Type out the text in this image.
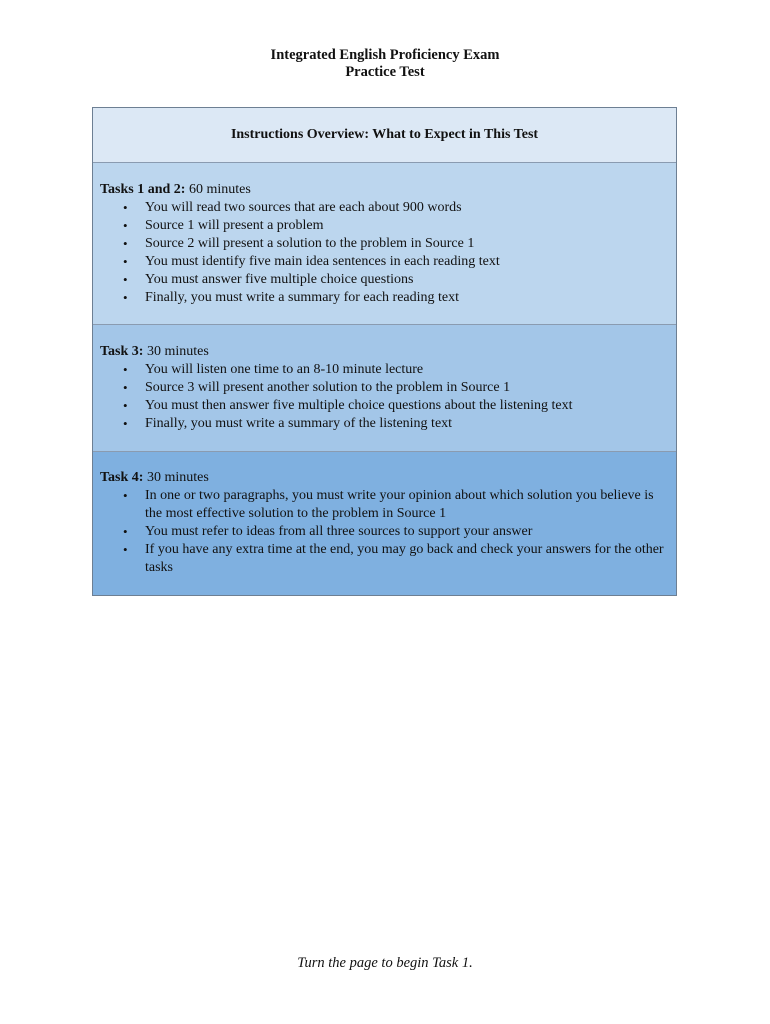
Integrated English Proficiency Exam
Practice Test
Instructions Overview: What to Expect in This Test

Tasks 1 and 2: 60 minutes

• You will read two sources that are each about 900 words
• Source 1 will present a problem
• Source 2 will present a solution to the problem in Source 1
• You must identify five main idea sentences in each reading text
• You must answer five multiple choice questions
• Finally, you must write a summary for each reading text

Task 3: 30 minutes

• You will listen one time to an 8-10 minute lecture
• Source 3 will present another solution to the problem in Source 1
• You must then answer five multiple choice questions about the listening text
• Finally, you must write a summary of the listening text

Task 4: 30 minutes

• In one or two paragraphs, you must write your opinion about which solution you believe is the most effective solution to the problem in Source 1
• You must refer to ideas from all three sources to support your answer
• If you have any extra time at the end, you may go back and check your answers for the other tasks
Turn the page to begin Task 1.
